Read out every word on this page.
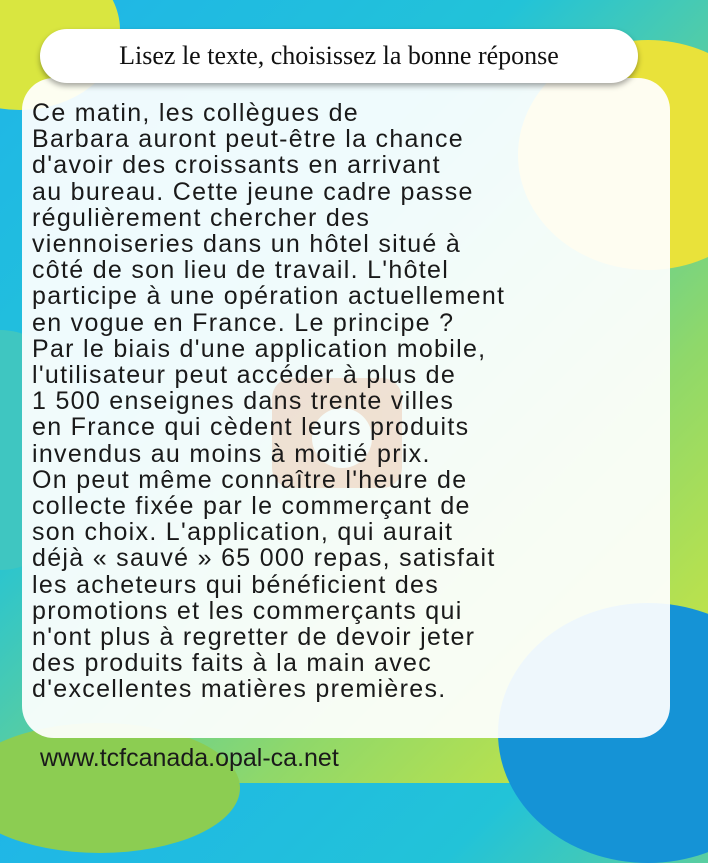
Lisez le texte, choisissez la bonne réponse

Ce matin, les collègues de
Barbara auront peut-être la chance
d'avoir des croissants en arrivant
au bureau. Cette jeune cadre passe
régulièrement chercher des
viennoiseries dans un hôtel situé à
côté de son lieu de travail. L'hôtel
participe à une opération actuellement
en vogue en France. Le principe ?
Par le biais d'une application mobile,
l'utilisateur peut accéder à plus de
1 500 enseignes dans trente villes
en France qui cèdent leurs produits
invendus au moins à moitié prix.
On peut même connaître l'heure de
collecte fixée par le commerçant de
son choix. L'application, qui aurait
déjà « sauvé » 65 000 repas, satisfait
les acheteurs qui bénéficient des
promotions et les commerçants qui
n'ont plus à regretter de devoir jeter
des produits faits à la main avec
d'excellentes matières premières.

www.tcfcanada.opal-ca.net
